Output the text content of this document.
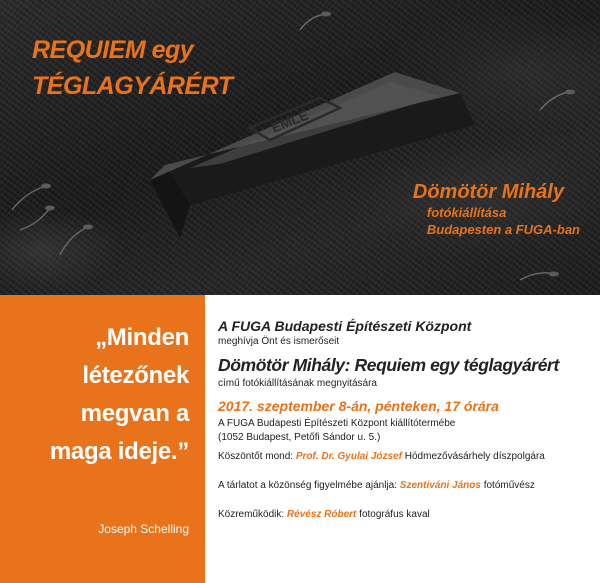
EMLÉ
REQUIEM egy
TÉGLAGYÁRÉRT
Dömötör Mihály
fotókiállítása
Budapesten a FUGA-ban

„Minden
létezőnek
megvan a
maga ideje.”

Joseph Schelling

A FUGA Budapesti Építészeti Központ

meghívja Önt és ismerőseit

Dömötör Mihály: Requiem egy téglagyárért

című fotókiállításának megnyitására

2017. szeptember 8-án, pénteken, 17 órára

A FUGA Budapesti Építészeti Központ kiállítótermébe

(1052 Budapest, Petőfi Sándor u. 5.)

Köszöntőt mond: Prof. Dr. Gyulai József Hódmezővásárhely díszpolgára

A tárlatot a közönség figyelmébe ajánlja: Szentiváni János fotóművész

Közreműködik: Révész Róbert fotográfus kaval
